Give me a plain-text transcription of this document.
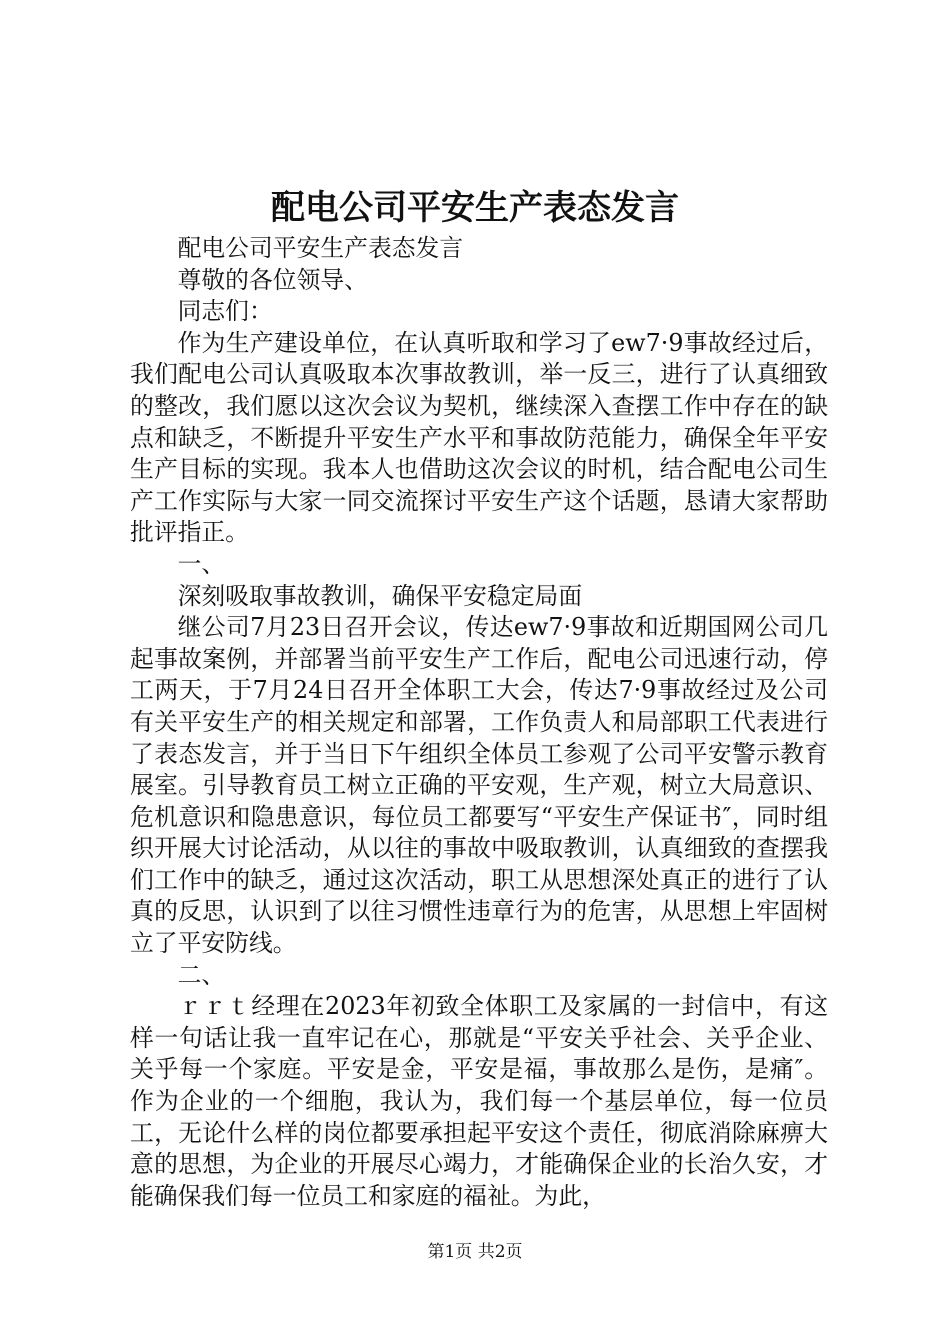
配电公司平安生产表态发言

配电公司平安生产表态发言

尊敬的各位领导、

同志们：

作为生产建设单位，在认真听取和学习了ew7·9事故经过后，我们配电公司认真吸取本次事故教训，举一反三，进行了认真细致的整改，我们愿以这次会议为契机，继续深入查摆工作中存在的缺点和缺乏，不断提升平安生产水平和事故防范能力，确保全年平安生产目标的实现。我本人也借助这次会议的时机，结合配电公司生产工作实际与大家一同交流探讨平安生产这个话题，恳请大家帮助批评指正。

一、

深刻吸取事故教训，确保平安稳定局面

继公司7月23日召开会议，传达ew7·9事故和近期国网公司几起事故案例，并部署当前平安生产工作后，配电公司迅速行动，停工两天，于7月24日召开全体职工大会，传达7·9事故经过及公司有关平安生产的相关规定和部署，工作负责人和局部职工代表进行了表态发言，并于当日下午组织全体员工参观了公司平安警示教育展室。引导教育员工树立正确的平安观，生产观，树立大局意识、危机意识和隐患意识，每位员工都要写“平安生产保证书″，同时组织开展大讨论活动，从以往的事故中吸取教训，认真细致的查摆我们工作中的缺乏，通过这次活动，职工从思想深处真正的进行了认真的反思，认识到了以往习惯性违章行为的危害，从思想上牢固树立了平安防线。

二、

ｒｒｔ经理在2023年初致全体职工及家属的一封信中，有这样一句话让我一直牢记在心，那就是“平安关乎社会、关乎企业、关乎每一个家庭。平安是金，平安是福，事故那么是伤，是痛″。作为企业的一个细胞，我认为，我们每一个基层单位，每一位员工，无论什么样的岗位都要承担起平安这个责任，彻底消除麻痹大意的思想，为企业的开展尽心竭力，才能确保企业的长治久安，才能确保我们每一位员工和家庭的福祉。为此，

第1页 共2页
